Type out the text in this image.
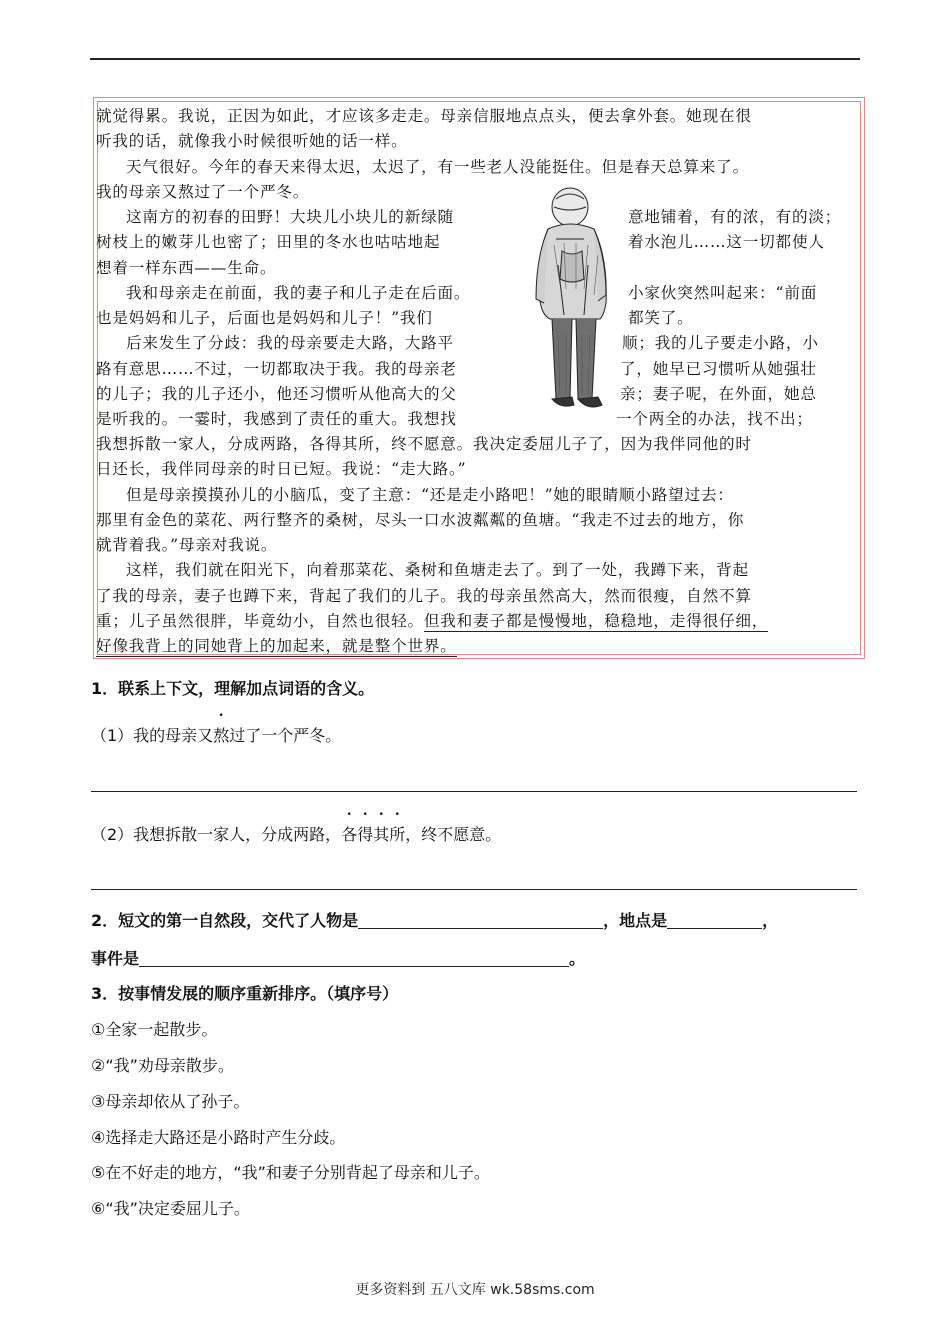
就觉得累。我说，正因为如此，才应该多走走。母亲信服地点点头，便去拿外套。她现在很
听我的话，就像我小时候很听她的话一样。
天气很好。今年的春天来得太迟，太迟了，有一些老人没能挺住。但是春天总算来了。
我的母亲又熬过了一个严冬。
这南方的初春的田野！大块儿小块儿的新绿随	意地铺着，有的浓，有的淡；
树枝上的嫩芽儿也密了；田里的冬水也咕咕地起	着水泡儿……这一切都使人
想着一样东西——生命。
我和母亲走在前面，我的妻子和儿子走在后面。	小家伙突然叫起来：“前面
也是妈妈和儿子，后面也是妈妈和儿子！”我们	都笑了。
后来发生了分歧：我的母亲要走大路，大路平	顺；我的儿子要走小路，小
路有意思……不过，一切都取决于我。我的母亲老	了，她早已习惯听从她强壮
的儿子；我的儿子还小，他还习惯听从他高大的父	亲；妻子呢，在外面，她总
是听我的。一霎时，我感到了责任的重大。我想找	一个两全的办法，找不出；
我想拆散一家人，分成两路，各得其所，终不愿意。我决定委屈儿子了，因为我伴同他的时
日还长，我伴同母亲的时日已短。我说：“走大路。”
但是母亲摸摸孙儿的小脑瓜，变了主意：“还是走小路吧！”她的眼睛顺小路望过去：
那里有金色的菜花、两行整齐的桑树，尽头一口水波粼粼的鱼塘。“我走不过去的地方，你
就背着我。”母亲对我说。
这样，我们就在阳光下，向着那菜花、桑树和鱼塘走去了。到了一处，我蹲下来，背起
了我的母亲，妻子也蹲下来，背起了我们的儿子。我的母亲虽然高大，然而很瘦，自然不算
重；儿子虽然很胖，毕竟幼小，自然也很轻。但我和妻子都是慢慢地，稳稳地，走得很仔细，
好像我背上的同她背上的加起来，就是整个世界。
1．联系上下文，理解加点词语的含义。
（1）我的母亲又熬过了一个严冬。
（2）我想拆散一家人，分成两路，各得其所，终不愿意。
2．短文的第一自然段，交代了人物是	，地点是	，
事件是	。
3．按事情发展的顺序重新排序。（填序号）
①全家一起散步。
②“我”劝母亲散步。
③母亲却依从了孙子。
④选择走大路还是小路时产生分歧。
⑤在不好走的地方，“我”和妻子分别背起了母亲和儿子。
⑥“我”决定委屈儿子。
更多资料到 五八文库 wk.58sms.com
